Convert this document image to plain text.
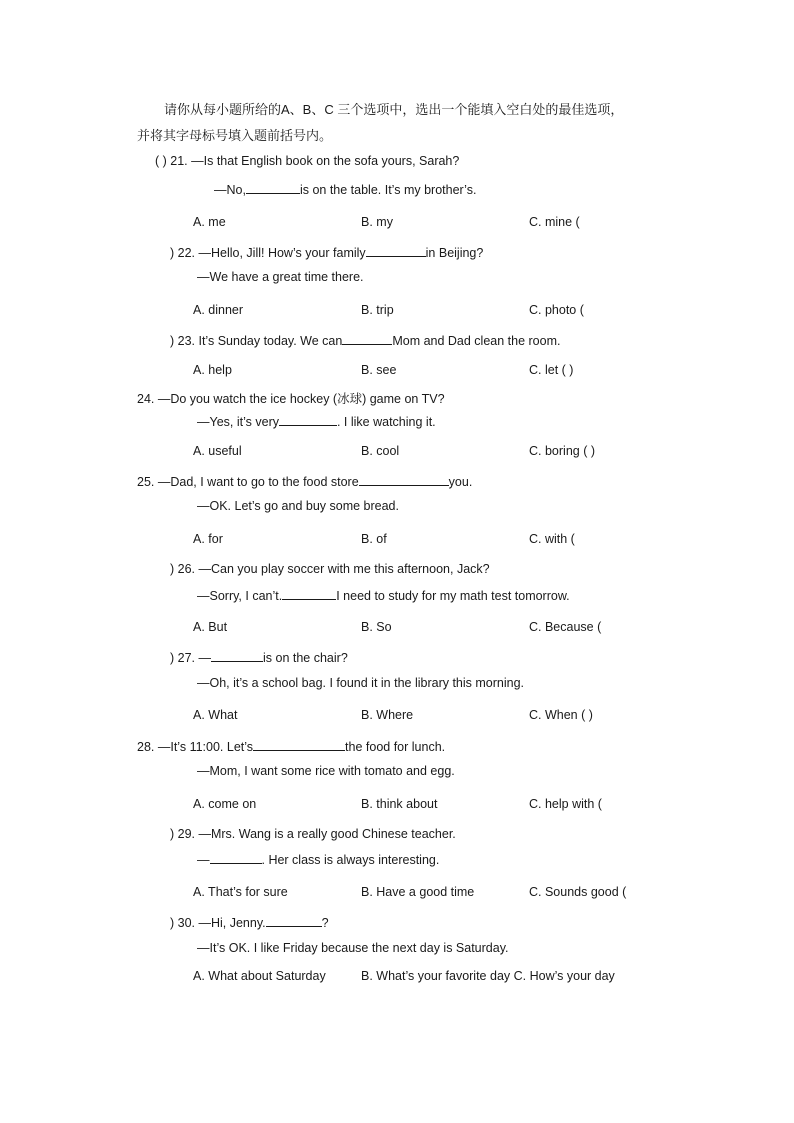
请你从每小题所给的A、B、C 三个选项中，选出一个能填入空白处的最佳选项，
并将其字母标号填入题前括号内。
( ) 21. —Is that English book on the sofa yours, Sarah?
—No,	is on the table. It’s my brother’s.
A. me	B. my	C. mine (
) 22. —Hello, Jill! How’s your family	in Beijing?
—We have a great time there.
A. dinner	B. trip	C. photo (
) 23. It’s Sunday today. We can	Mom and Dad clean the room.
A. help	B. see	C. let ( )
24. —Do you watch the ice hockey (冰球) game on TV?
—Yes, it’s very	. I like watching it.
A. useful	B. cool	C. boring ( )
25. —Dad, I want to go to the food store	you.
—OK. Let’s go and buy some bread.
A. for	B. of	C. with (
) 26. —Can you play soccer with me this afternoon, Jack?
—Sorry, I can’t.	I need to study for my math test tomorrow.
A. But	B. So	C. Because (
) 27. —	is on the chair?
—Oh, it’s a school bag. I found it in the library this morning.
A. What	B. Where	C. When ( )
28. —It’s 11:00. Let’s	the food for lunch.
—Mom, I want some rice with tomato and egg.
A. come on	B. think about	C. help with (
) 29. —Mrs. Wang is a really good Chinese teacher.
—	. Her class is always interesting.
A. That’s for sure	B. Have a good time	C. Sounds good (
) 30. —Hi, Jenny.	?
—It’s OK. I like Friday because the next day is Saturday.
A. What about Saturday	B. What’s your favorite day C. How’s your day
